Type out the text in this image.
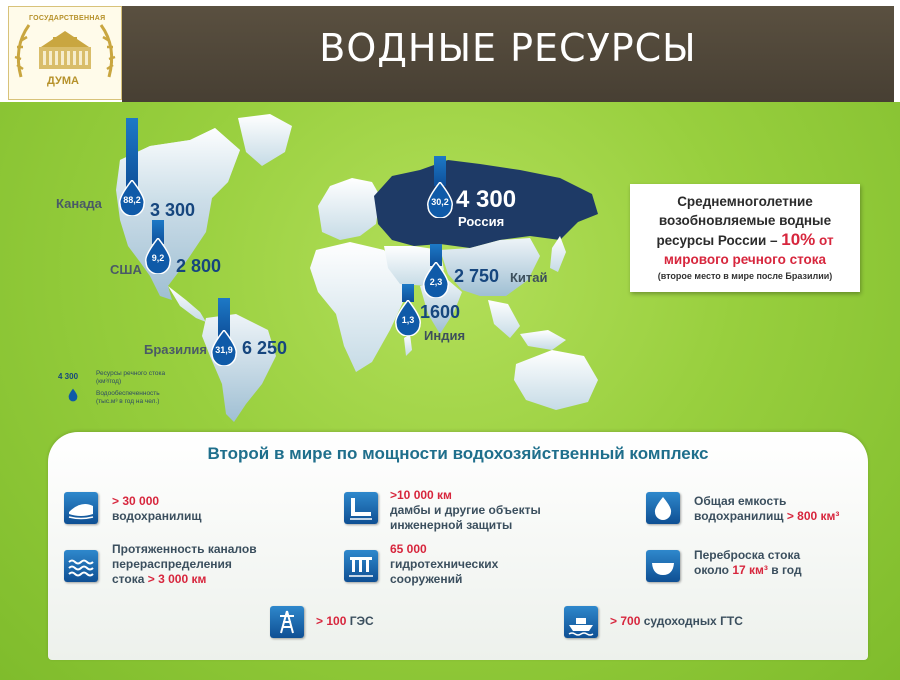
ГОСУДАРСТВЕННАЯ
ДУМА
ВОДНЫЕ РЕСУРСЫ
88,2 3 300
Канада
9,2 2 800
США
31,9 6 250
Бразилия
30,2 4 300
Россия
2,3 2 750 Китай
1,3 1600
Индия
4 300	Ресурсы речного стока
(км³/год)
Водообеспеченность
(тыс.м³ в год на чел.)
Среднемноголетние
возобновляемые водные
ресурсы России – 10% от
мирового речного стока
(второе место в мире после Бразилии)
Второй в мире по мощности водохозяйственный комплекс
> 30 000
водохранилищ
>10 000 км
дамбы и другие объекты
инженерной защиты
Общая емкость
водохранилищ > 800 км³
Протяженность каналов
перераспределения
стока > 3 000 км
65 000
гидротехнических
сооружений
Переброска стока
около 17 км³ в год
> 100 ГЭС	> 700 судоходных ГТС
